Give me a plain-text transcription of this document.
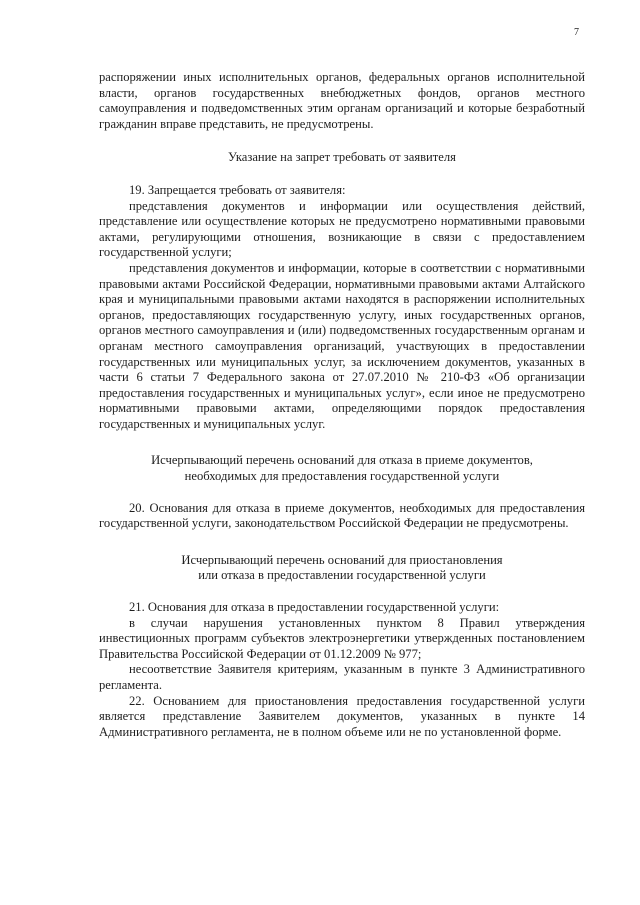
7

распоряжении иных исполнительных органов, федеральных органов исполнительной власти, органов государственных внебюджетных фондов, органов местного самоуправления и подведомственных этим органам организаций и которые безработный гражданин вправе представить, не предусмотрены.

Указание на запрет требовать от заявителя

19. Запрещается требовать от заявителя:

представления документов и информации или осуществления действий, представление или осуществление которых не предусмотрено нормативными правовыми актами, регулирующими отношения, возникающие в связи с предоставлением государственной услуги;

представления документов и информации, которые в соответствии с нормативными правовыми актами Российской Федерации, нормативными правовыми актами Алтайского края и муниципальными правовыми актами находятся в распоряжении исполнительных органов, предоставляющих государственную услугу, иных государственных органов, органов местного самоуправления и (или) подведомственных государственным органам и органам местного самоуправления организаций, участвующих в предоставлении государственных или муниципальных услуг, за исключением документов, указанных в части 6 статьи 7 Федерального закона от 27.07.2010 № 210-ФЗ «Об организации предоставления государственных и муниципальных услуг», если иное не предусмотрено нормативными правовыми актами, определяющими порядок предоставления государственных и муниципальных услуг.

Исчерпывающий перечень оснований для отказа в приеме документов,
необходимых для предоставления государственной услуги

20. Основания для отказа в приеме документов, необходимых для предоставления государственной услуги, законодательством Российской Федерации не предусмотрены.

Исчерпывающий перечень оснований для приостановления
или отказа в предоставлении государственной услуги

21. Основания для отказа в предоставлении государственной услуги:

в случаи нарушения установленных пунктом 8 Правил утверждения инвестиционных программ субъектов электроэнергетики утвержденных постановлением Правительства Российской Федерации от 01.12.2009 № 977;

несоответствие Заявителя критериям, указанным в пункте 3 Административного регламента.

22. Основанием для приостановления предоставления государственной услуги является представление Заявителем документов, указанных в пункте 14 Административного регламента, не в полном объеме или не по установленной форме.
